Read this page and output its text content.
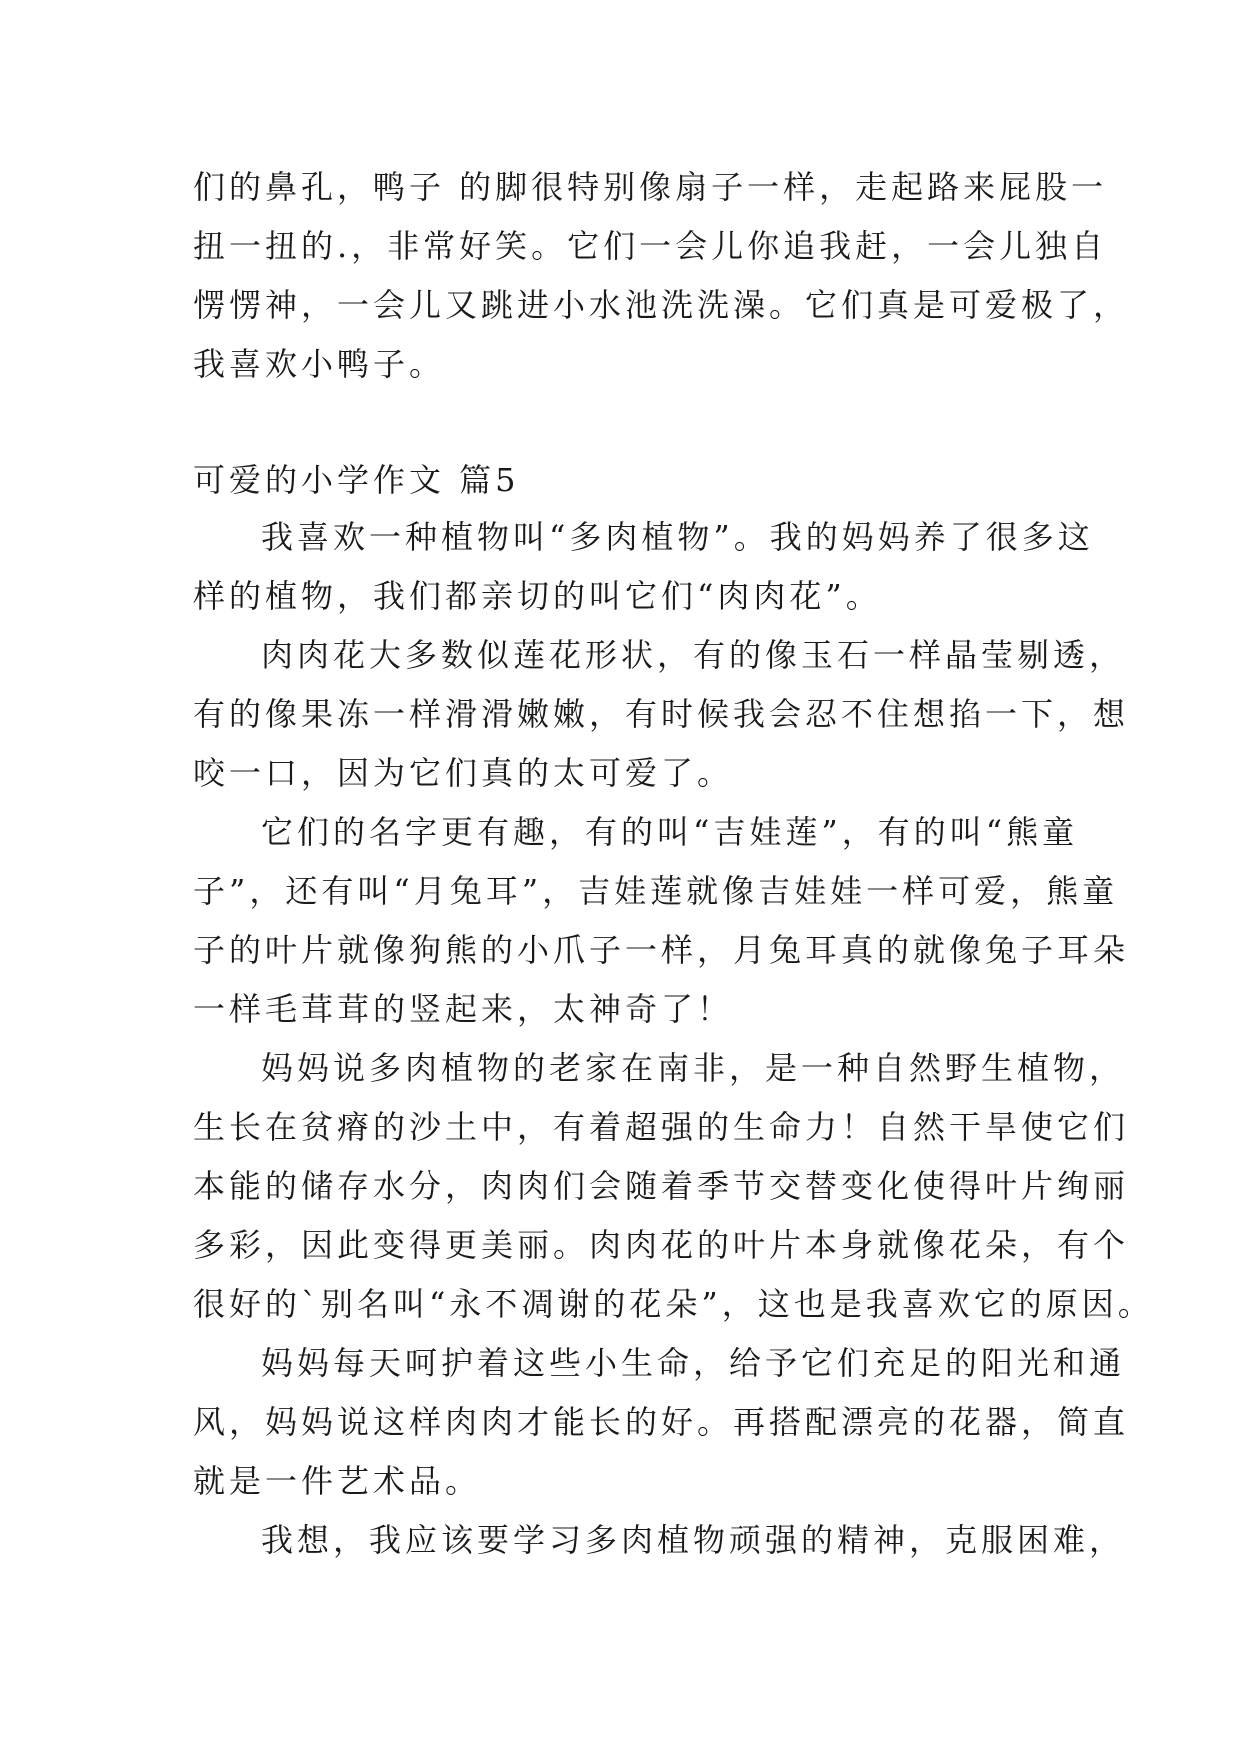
们的鼻孔，鸭子 的脚很特别像扇子一样，走起路来屁股一
扭一扭的.，非常好笑。它们一会儿你追我赶，一会儿独自
愣愣神，一会儿又跳进小水池洗洗澡。它们真是可爱极了，
我喜欢小鸭子。
可爱的小学作文 篇5
我喜欢一种植物叫“多肉植物”。我的妈妈养了很多这
样的植物，我们都亲切的叫它们“肉肉花”。
肉肉花大多数似莲花形状，有的像玉石一样晶莹剔透，
有的像果冻一样滑滑嫩嫩，有时候我会忍不住想掐一下，想
咬一口，因为它们真的太可爱了。
它们的名字更有趣，有的叫“吉娃莲”，有的叫“熊童
子”，还有叫“月兔耳”，吉娃莲就像吉娃娃一样可爱，熊童
子的叶片就像狗熊的小爪子一样，月兔耳真的就像兔子耳朵
一样毛茸茸的竖起来，太神奇了！
妈妈说多肉植物的老家在南非，是一种自然野生植物，
生长在贫瘠的沙土中，有着超强的生命力！自然干旱使它们
本能的储存水分，肉肉们会随着季节交替变化使得叶片绚丽
多彩，因此变得更美丽。肉肉花的叶片本身就像花朵，有个
很好的`别名叫“永不凋谢的花朵”，这也是我喜欢它的原因。
妈妈每天呵护着这些小生命，给予它们充足的阳光和通
风，妈妈说这样肉肉才能长的好。再搭配漂亮的花器，简直
就是一件艺术品。
我想，我应该要学习多肉植物顽强的精神，克服困难，
